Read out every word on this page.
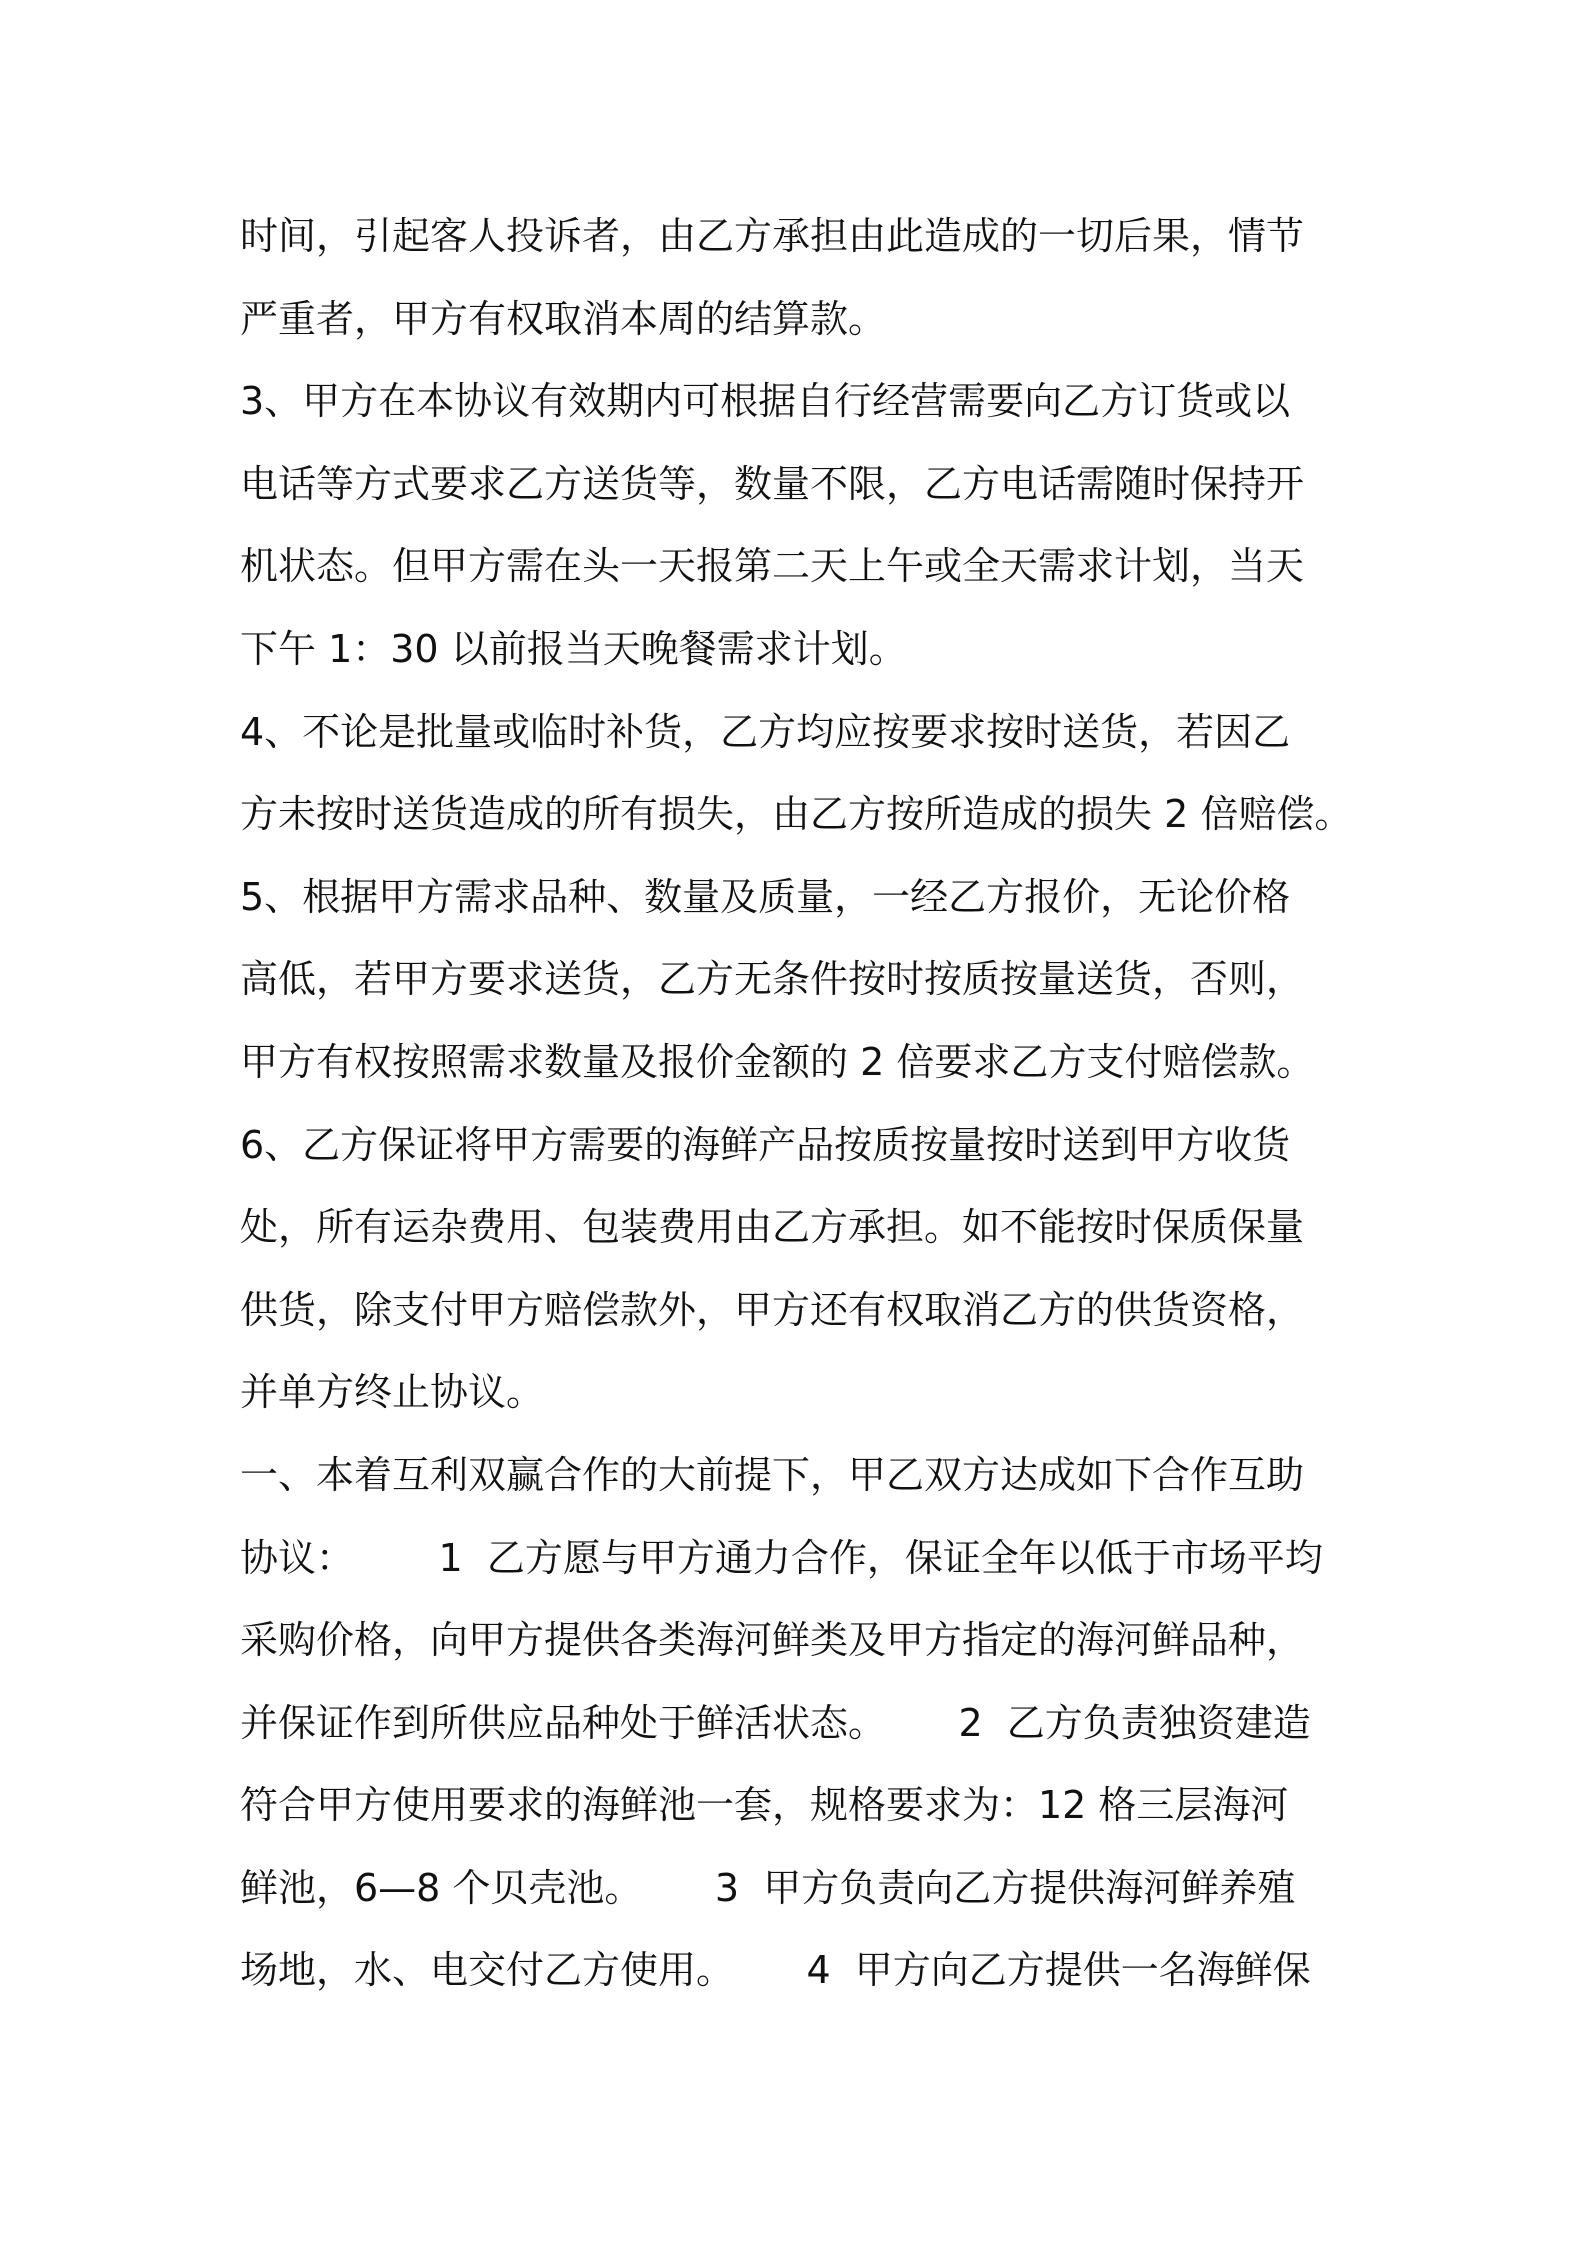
时间，引起客人投诉者，由乙方承担由此造成的一切后果，情节
严重者，甲方有权取消本周的结算款。
3、甲方在本协议有效期内可根据自行经营需要向乙方订货或以
电话等方式要求乙方送货等，数量不限，乙方电话需随时保持开
机状态。但甲方需在头一天报第二天上午或全天需求计划，当天
下午 1：30 以前报当天晚餐需求计划。
4、不论是批量或临时补货，乙方均应按要求按时送货，若因乙
方未按时送货造成的所有损失，由乙方按所造成的损失 2 倍赔偿。
5、根据甲方需求品种、数量及质量，一经乙方报价，无论价格
高低，若甲方要求送货，乙方无条件按时按质按量送货，否则，
甲方有权按照需求数量及报价金额的 2 倍要求乙方支付赔偿款。
6、乙方保证将甲方需要的海鲜产品按质按量按时送到甲方收货
处，所有运杂费用、包装费用由乙方承担。如不能按时保质保量
供货，除支付甲方赔偿款外，甲方还有权取消乙方的供货资格，
并单方终止协议。
一、本着互利双赢合作的大前提下，甲乙双方达成如下合作互助
协议：       1  乙方愿与甲方通力合作，保证全年以低于市场平均
采购价格，向甲方提供各类海河鲜类及甲方指定的海河鲜品种，
并保证作到所供应品种处于鲜活状态。      2  乙方负责独资建造
符合甲方使用要求的海鲜池一套，规格要求为：12 格三层海河
鲜池，6—8 个贝壳池。      3  甲方负责向乙方提供海河鲜养殖
场地，水、电交付乙方使用。      4  甲方向乙方提供一名海鲜保
